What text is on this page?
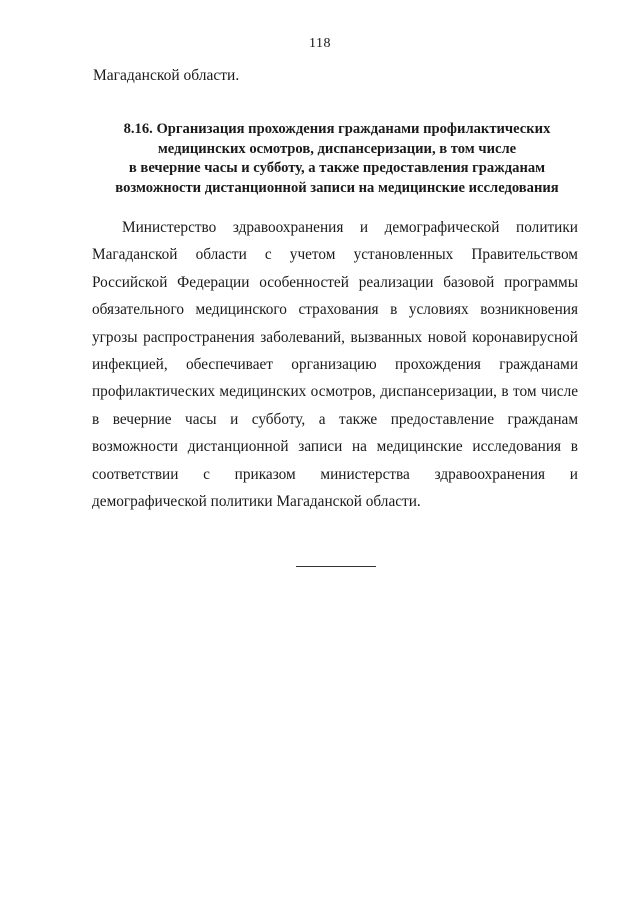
118
Магаданской области.
8.16. Организация прохождения гражданами профилактических
медицинских осмотров, диспансеризации, в том числе
в вечерние часы и субботу, а также предоставления гражданам
возможности дистанционной записи на медицинские исследования
Министерство здравоохранения и демографической политики
Магаданской области с учетом установленных Правительством
Российской Федерации особенностей реализации базовой программы
обязательного медицинского страхования в условиях возникновения
угрозы распространения заболеваний, вызванных новой коронавирусной
инфекцией, обеспечивает организацию прохождения гражданами
профилактических медицинских осмотров, диспансеризации, в том числе
в вечерние часы и субботу, а также предоставление гражданам
возможности дистанционной записи на медицинские исследования в
соответствии с приказом министерства здравоохранения и
демографической политики Магаданской области.
